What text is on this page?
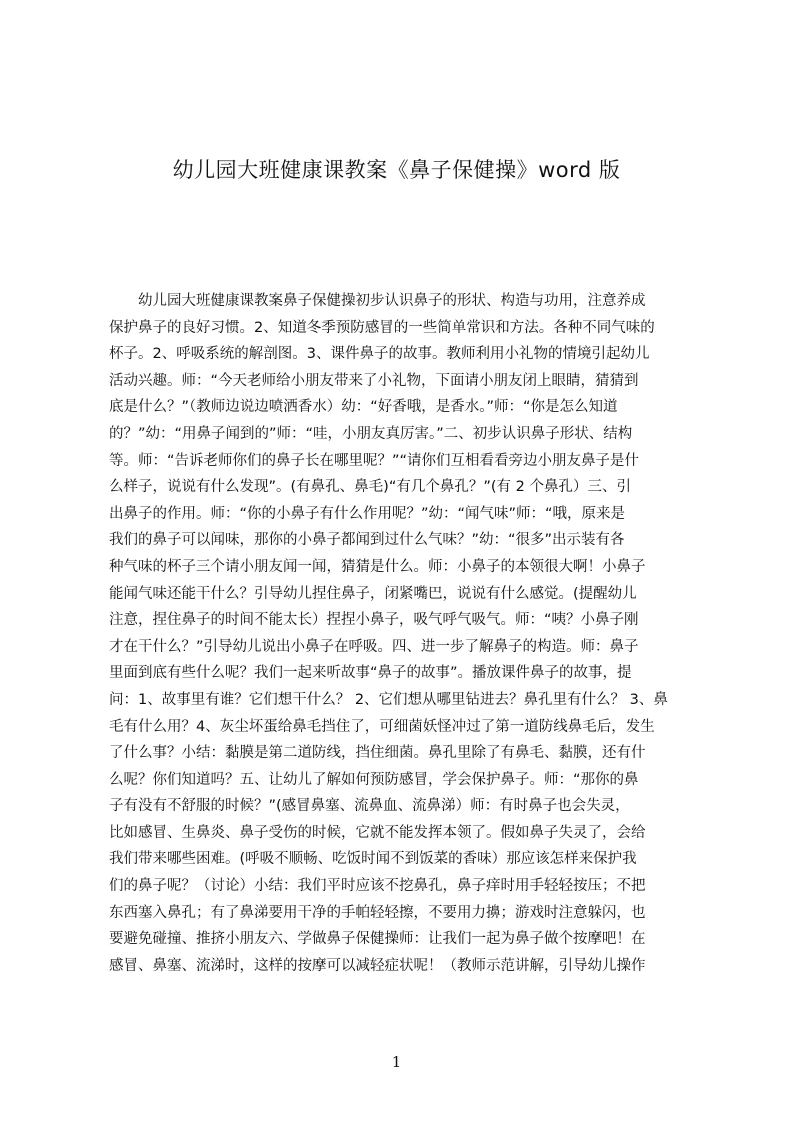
幼儿园大班健康课教案《鼻子保健操》word 版
　　幼儿园大班健康课教案鼻子保健操初步认识鼻子的形状、构造与功用，注意养成
保护鼻子的良好习惯。2、知道冬季预防感冒的一些简单常识和方法。各种不同气味的
杯子。2、呼吸系统的解剖图。3、课件鼻子的故事。教师利用小礼物的情境引起幼儿
活动兴趣。师：“今天老师给小朋友带来了小礼物，下面请小朋友闭上眼睛，猜猜到
底是什么？”（教师边说边喷洒香水）幼：“好香哦，是香水。”师：“你是怎么知道
的？”幼：“用鼻子闻到的”师：“哇，小朋友真厉害。”二、初步认识鼻子形状、结构
等。师：“告诉老师你们的鼻子长在哪里呢？”“请你们互相看看旁边小朋友鼻子是什
么样子，说说有什么发现”。(有鼻孔、鼻毛)“有几个鼻孔？”(有 2 个鼻孔）三、引
出鼻子的作用。师：“你的小鼻子有什么作用呢？”幼：“闻气味”师：“哦，原来是
我们的鼻子可以闻味，那你的小鼻子都闻到过什么气味？”幼：“很多”出示装有各
种气味的杯子三个请小朋友闻一闻，猜猜是什么。师：小鼻子的本领很大啊！小鼻子
能闻气味还能干什么？引导幼儿捏住鼻子，闭紧嘴巴，说说有什么感觉。(提醒幼儿
注意，捏住鼻子的时间不能太长）捏捏小鼻子，吸气呼气吸气。师：“咦？小鼻子刚
才在干什么？”引导幼儿说出小鼻子在呼吸。四、进一步了解鼻子的构造。师：鼻子
里面到底有些什么呢？我们一起来听故事“鼻子的故事”。播放课件鼻子的故事，提
问：1、故事里有谁？它们想干什么？ 2、它们想从哪里钻进去？鼻孔里有什么？ 3、鼻
毛有什么用？4、灰尘坏蛋给鼻毛挡住了，可细菌妖怪冲过了第一道防线鼻毛后，发生
了什么事？小结：黏膜是第二道防线，挡住细菌。鼻孔里除了有鼻毛、黏膜，还有什
么呢？你们知道吗？五、让幼儿了解如何预防感冒，学会保护鼻子。师：“那你的鼻
子有没有不舒服的时候？”(感冒鼻塞、流鼻血、流鼻涕）师：有时鼻子也会失灵，
比如感冒、生鼻炎、鼻子受伤的时候，它就不能发挥本领了。假如鼻子失灵了，会给
我们带来哪些困难。(呼吸不顺畅、吃饭时闻不到饭菜的香味）那应该怎样来保护我
们的鼻子呢？（讨论）小结：我们平时应该不挖鼻孔，鼻子痒时用手轻轻按压；不把
东西塞入鼻孔；有了鼻涕要用干净的手帕轻轻擦，不要用力擤；游戏时注意躲闪，也
要避免碰撞、推挤小朋友六、学做鼻子保健操师：让我们一起为鼻子做个按摩吧！在
感冒、鼻塞、流涕时，这样的按摩可以减轻症状呢！（教师示范讲解，引导幼儿操作
1
